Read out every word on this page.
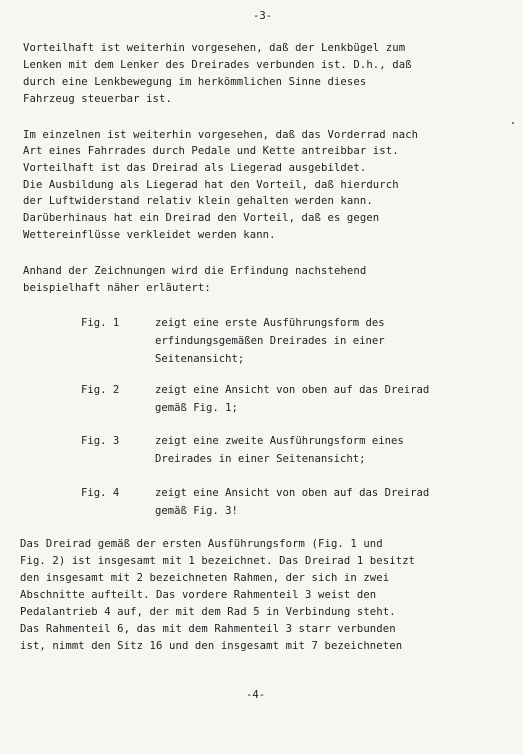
-3-
Vorteilhaft ist weiterhin vorgesehen, daß der Lenkbügel zum
Lenken mit dem Lenker des Dreirades verbunden ist. D.h., daß
durch eine Lenkbewegung im herkömmlichen Sinne dieses
Fahrzeug steuerbar ist.
Im einzelnen ist weiterhin vorgesehen, daß das Vorderrad nach
Art eines Fahrrades durch Pedale und Kette antreibbar ist.
Vorteilhaft ist das Dreirad als Liegerad ausgebildet.
Die Ausbildung als Liegerad hat den Vorteil, daß hierdurch
der Luftwiderstand relativ klein gehalten werden kann.
Darüberhinaus hat ein Dreirad den Vorteil, daß es gegen
Wettereinflüsse verkleidet werden kann.
Anhand der Zeichnungen wird die Erfindung nachstehend
beispielhaft näher erläutert:
Fig. 1	zeigt eine erste Ausführungsform des
erfindungsgemäßen Dreirades in einer
Seitenansicht;
Fig. 2	zeigt eine Ansicht von oben auf das Dreirad
gemäß Fig. 1;
Fig. 3	zeigt eine zweite Ausführungsform eines
Dreirades in einer Seitenansicht;
Fig. 4	zeigt eine Ansicht von oben auf das Dreirad
gemäß Fig. 3!
Das Dreirad gemäß der ersten Ausführungsform (Fig. 1 und
Fig. 2) ist insgesamt mit 1 bezeichnet. Das Dreirad 1 besitzt
den insgesamt mit 2 bezeichneten Rahmen, der sich in zwei
Abschnitte aufteilt. Das vordere Rahmenteil 3 weist den
Pedalantrieb 4 auf, der mit dem Rad 5 in Verbindung steht.
Das Rahmenteil 6, das mit dem Rahmenteil 3 starr verbunden
ist, nimmt den Sitz 16 und den insgesamt mit 7 bezeichneten
-4-
